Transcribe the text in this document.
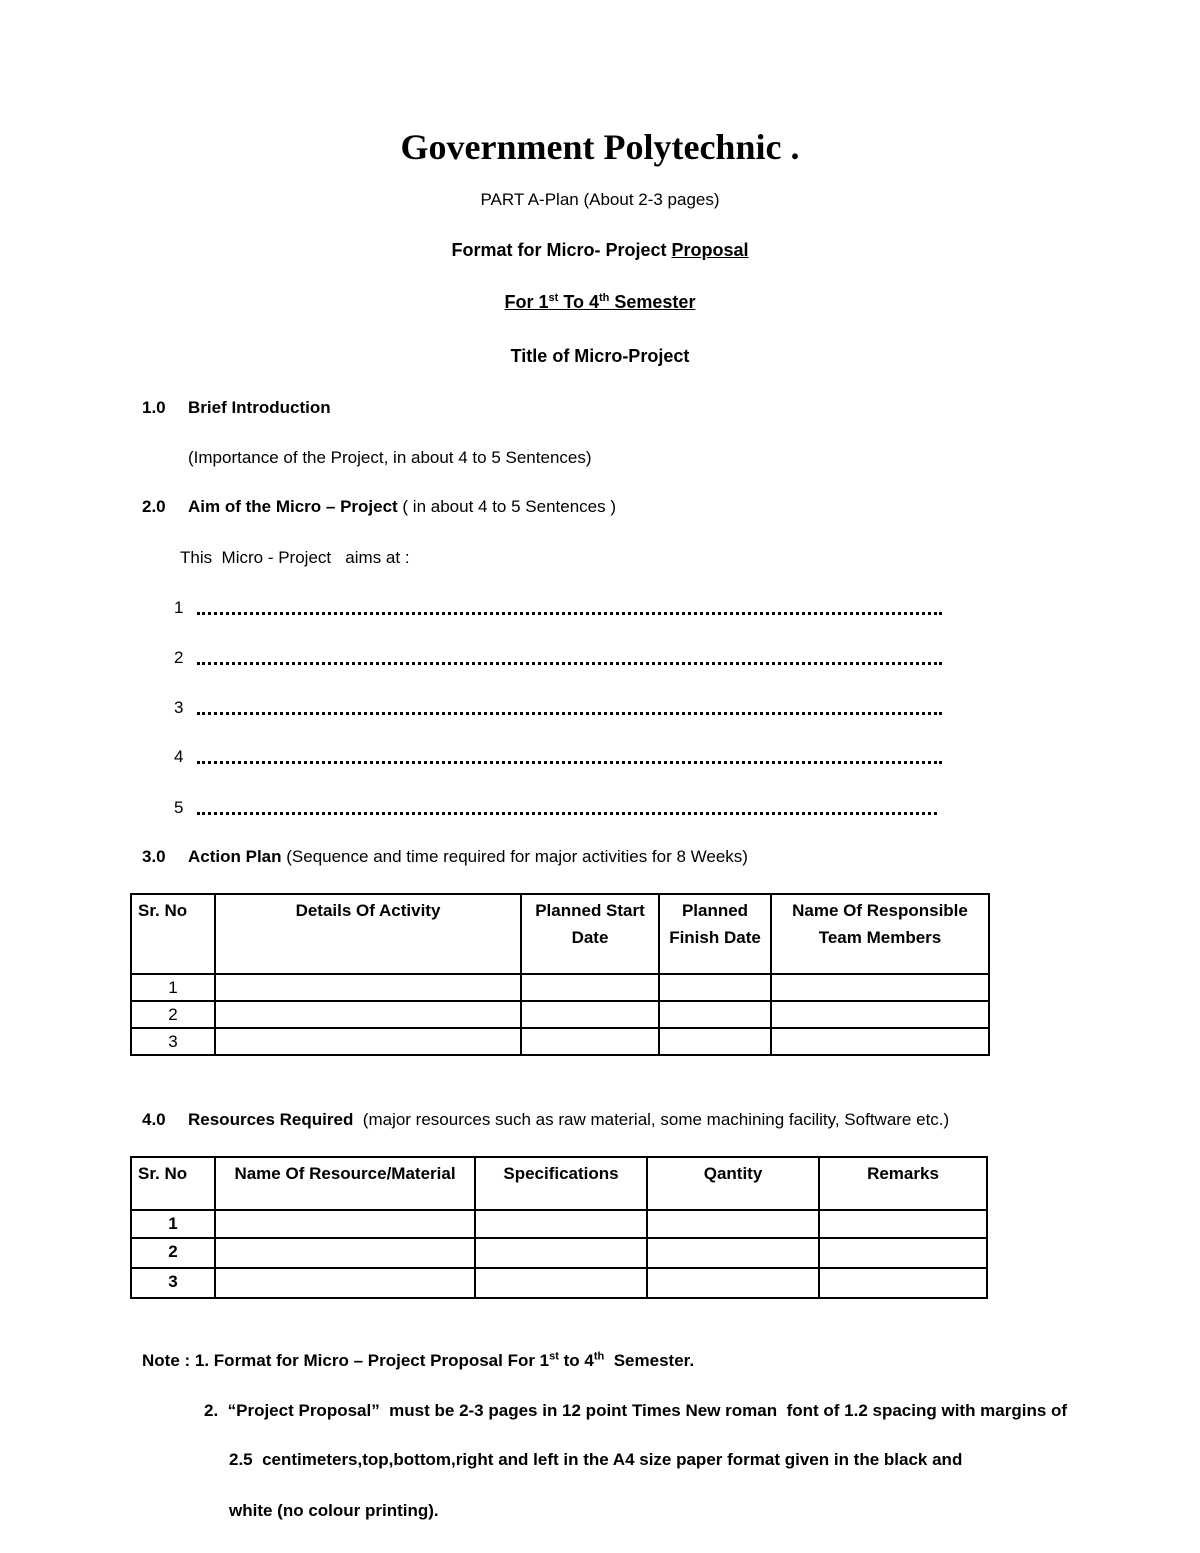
Government Polytechnic .
PART A-Plan (About 2-3 pages)
Format for Micro- Project Proposal
For 1st To 4th Semester
Title of Micro-Project
1.0 Brief Introduction
(Importance of the Project, in about 4 to 5 Sentences)
2.0 Aim of the Micro – Project ( in about 4 to 5 Sentences )
This  Micro - Project   aims at :
1
2
3
4
5
3.0 Action Plan (Sequence and time required for major activities for 8 Weeks)
Sr. No	Details Of Activity	Planned Start Date	Planned Finish Date	Name Of Responsible Team Members
1				
2				
3				
4.0 Resources Required  (major resources such as raw material, some machining facility, Software etc.)
Sr. No	Name Of Resource/Material	Specifications	Qantity	Remarks
1				
2				
3				
Note : 1. Format for Micro – Project Proposal For 1st to 4th  Semester.
2.  “Project Proposal”  must be 2-3 pages in 12 point Times New roman  font of 1.2 spacing with margins of
2.5  centimeters,top,bottom,right and left in the A4 size paper format given in the black and
white (no colour printing).
